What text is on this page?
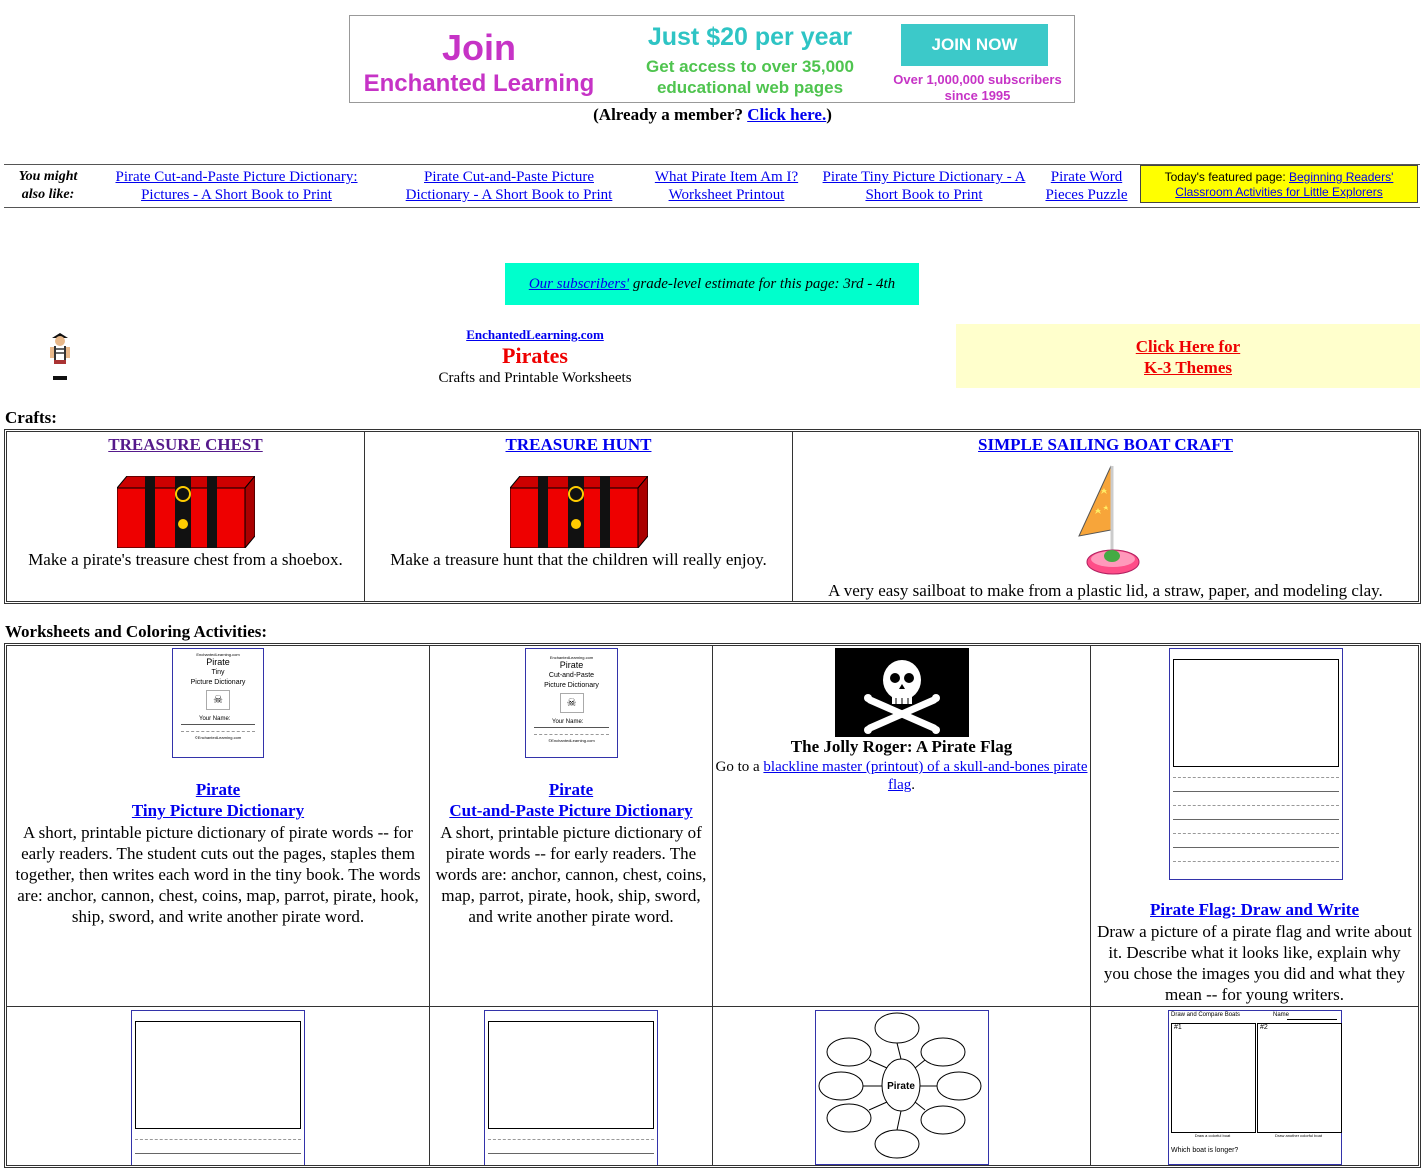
Join
Enchanted Learning
Just $20 per year
Get access to over 35,000 educational web pages
JOIN NOW
Over 1,000,000 subscribers since 1995
(Already a member? Click here.)
You might also like:
Pirate Cut-and-Paste Picture Dictionary: Pictures - A Short Book to Print
Pirate Cut-and-Paste Picture Dictionary - A Short Book to Print
What Pirate Item Am I? Worksheet Printout
Pirate Tiny Picture Dictionary - A Short Book to Print
Pirate Word Pieces Puzzle
Today's featured page: Beginning Readers' Classroom Activities for Little Explorers
Our subscribers' grade-level estimate for this page: 3rd - 4th
EnchantedLearning.com
Pirates
Crafts and Printable Worksheets
Click Here for
K-3 Themes
Crafts:
TREASURE CHEST
Make a pirate's treasure chest from a shoebox.
TREASURE HUNT
Make a treasure hunt that the children will really enjoy.
SIMPLE SAILING BOAT CRAFT
A very easy sailboat to make from a plastic lid, a straw, paper, and modeling clay.
Worksheets and Coloring Activities:
EnchantedLearning.com
Pirate
Tiny
Picture Dictionary
☠
Your Name:
©EnchantedLearning.com
Pirate
Tiny Picture Dictionary
A short, printable picture dictionary of pirate words -- for early readers. The student cuts out the pages, staples them together, then writes each word in the tiny book. The words are: anchor, cannon, chest, coins, map, parrot, pirate, hook, ship, sword, and write another pirate word.
EnchantedLearning.com
Pirate
Cut-and-Paste
Picture Dictionary
☠
Your Name:
©EnchantedLearning.com
Pirate
Cut-and-Paste Picture Dictionary
A short, printable picture dictionary of pirate words -- for early readers. The words are: anchor, cannon, chest, coins, map, parrot, pirate, hook, ship, sword, and write another pirate word.
The Jolly Roger: A Pirate Flag
Go to a blackline master (printout) of a skull-and-bones pirate flag.
Pirate Flag: Draw and Write
Draw a picture of a pirate flag and write about it. Describe what it looks like, explain why you chose the images you did and what they mean -- for young writers.
Pirate
Draw and Compare Boats	Name
#1	#2
Draw a colorful boat	Draw another colorful boat
Which boat is longer?
